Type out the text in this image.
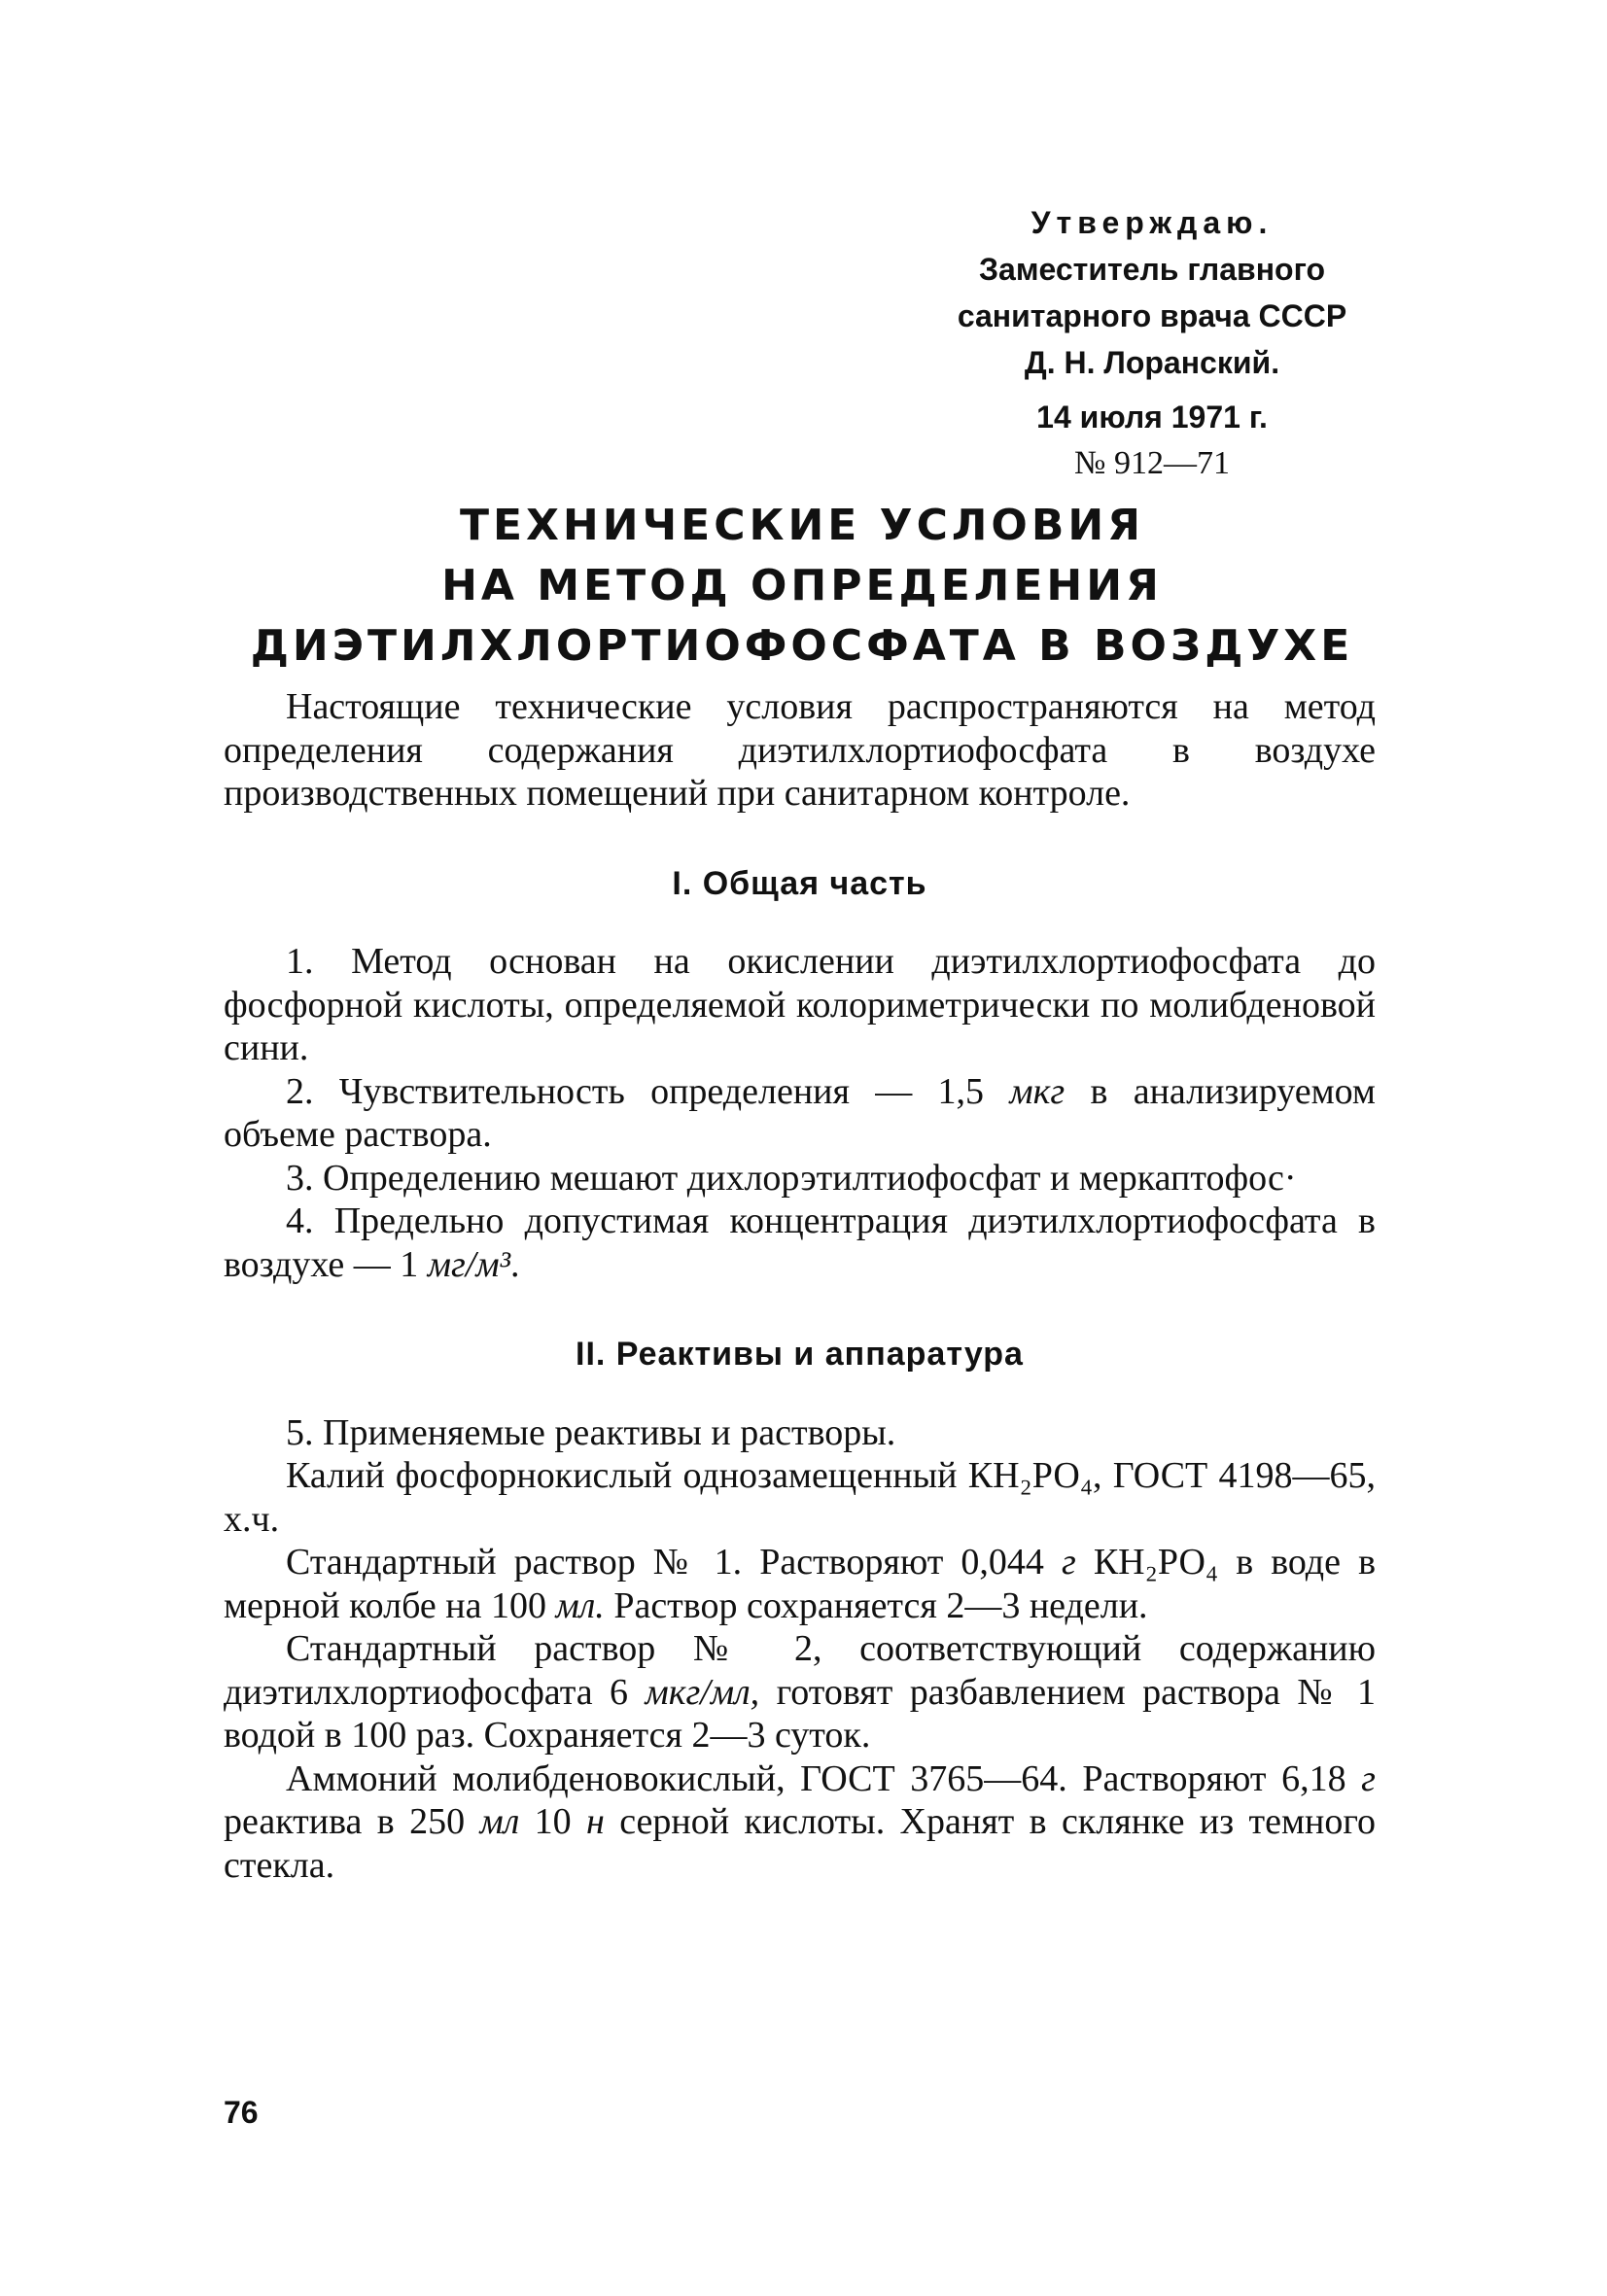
Утверждаю.
Заместитель главного
санитарного врача СССР
Д. Н. Лоранский.
14 июля 1971 г.
№ 912—71
ТЕХНИЧЕСКИЕ УСЛОВИЯ
НА МЕТОД ОПРЕДЕЛЕНИЯ
ДИЭТИЛХЛОРТИОФОСФАТА В ВОЗДУХЕ

Настоящие технические условия распространяются на метод определения содержания диэтилхлортиофосфата в воздухе производственных помещений при санитарном контроле.

I. Общая часть

1. Метод основан на окислении диэтилхлортиофосфата до фосфорной кислоты, определяемой колориметрически по молибденовой сини.

2. Чувствительность определения — 1,5 мкг в анализируемом объеме раствора.

3. Определению мешают дихлорэтилтиофосфат и меркаптофос·

4. Предельно допустимая концентрация диэтилхлортиофосфата в воздухе — 1 мг/м³.

II. Реактивы и аппаратура

5. Применяемые реактивы и растворы.

Калий фосфорнокислый однозамещенный КН₂РО₄, ГОСТ 4198—65, х.ч.

Стандартный раствор № 1. Растворяют 0,044 г КН₂РО₄ в воде в мерной колбе на 100 мл. Раствор сохраняется 2—3 недели.

Стандартный раствор № 2, соответствующий содержанию диэтилхлортиофосфата 6 мкг/мл, готовят разбавлением раствора № 1 водой в 100 раз. Сохраняется 2—3 суток.

Аммоний молибденовокислый, ГОСТ 3765—64. Растворяют 6,18 г реактива в 250 мл 10 н серной кислоты. Хранят в склянке из темного стекла.

76
